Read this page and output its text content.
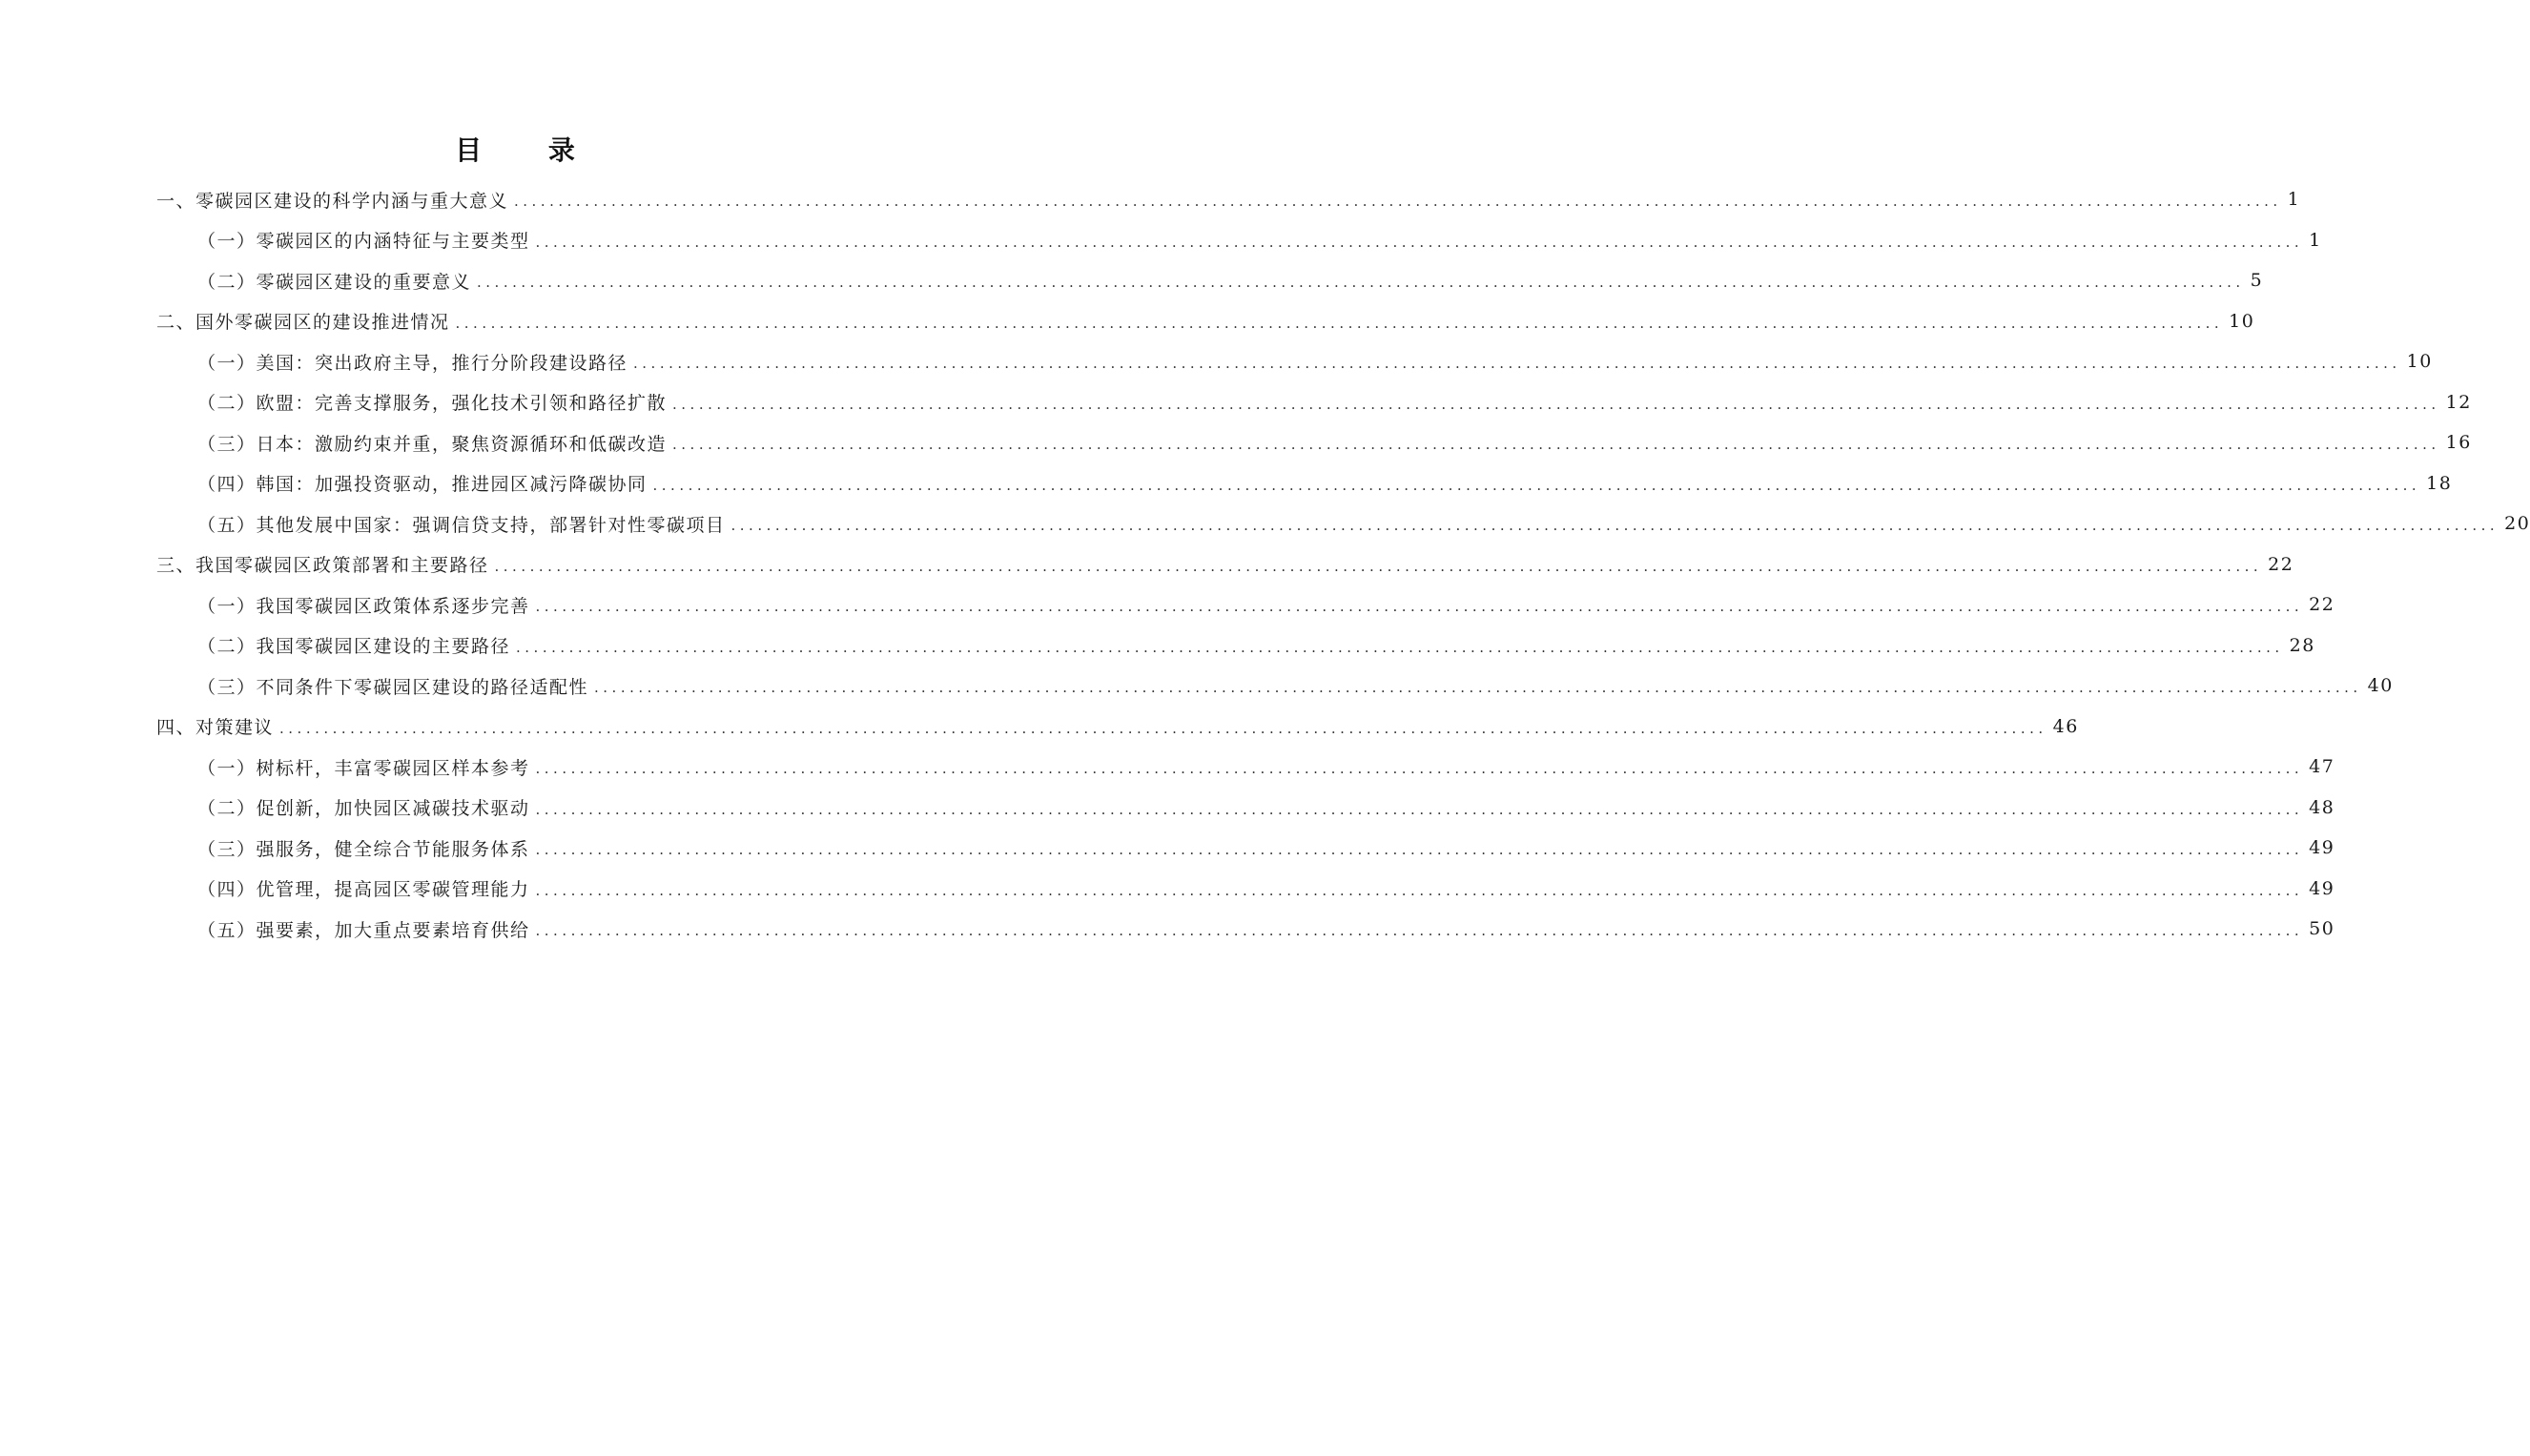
目 录
一、零碳园区建设的科学内涵与重大意义 ........................................................................................................................................................................................................ 1
（一）零碳园区的内涵特征与主要类型 ........................................................................................................................................................................................................ 1
（二）零碳园区建设的重要意义 ........................................................................................................................................................................................................ 5
二、国外零碳园区的建设推进情况 ........................................................................................................................................................................................................ 10
（一）美国：突出政府主导，推行分阶段建设路径 ........................................................................................................................................................................................................ 10
（二）欧盟：完善支撑服务，强化技术引领和路径扩散 ........................................................................................................................................................................................................ 12
（三）日本：激励约束并重，聚焦资源循环和低碳改造 ........................................................................................................................................................................................................ 16
（四）韩国：加强投资驱动，推进园区减污降碳协同 ........................................................................................................................................................................................................ 18
（五）其他发展中国家：强调信贷支持，部署针对性零碳项目 ........................................................................................................................................................................................................ 20
三、我国零碳园区政策部署和主要路径 ........................................................................................................................................................................................................ 22
（一）我国零碳园区政策体系逐步完善 ........................................................................................................................................................................................................ 22
（二）我国零碳园区建设的主要路径 ........................................................................................................................................................................................................ 28
（三）不同条件下零碳园区建设的路径适配性 ........................................................................................................................................................................................................ 40
四、对策建议 ........................................................................................................................................................................................................ 46
（一）树标杆，丰富零碳园区样本参考 ........................................................................................................................................................................................................ 47
（二）促创新，加快园区减碳技术驱动 ........................................................................................................................................................................................................ 48
（三）强服务，健全综合节能服务体系 ........................................................................................................................................................................................................ 49
（四）优管理，提高园区零碳管理能力 ........................................................................................................................................................................................................ 49
（五）强要素，加大重点要素培育供给 ........................................................................................................................................................................................................ 50
